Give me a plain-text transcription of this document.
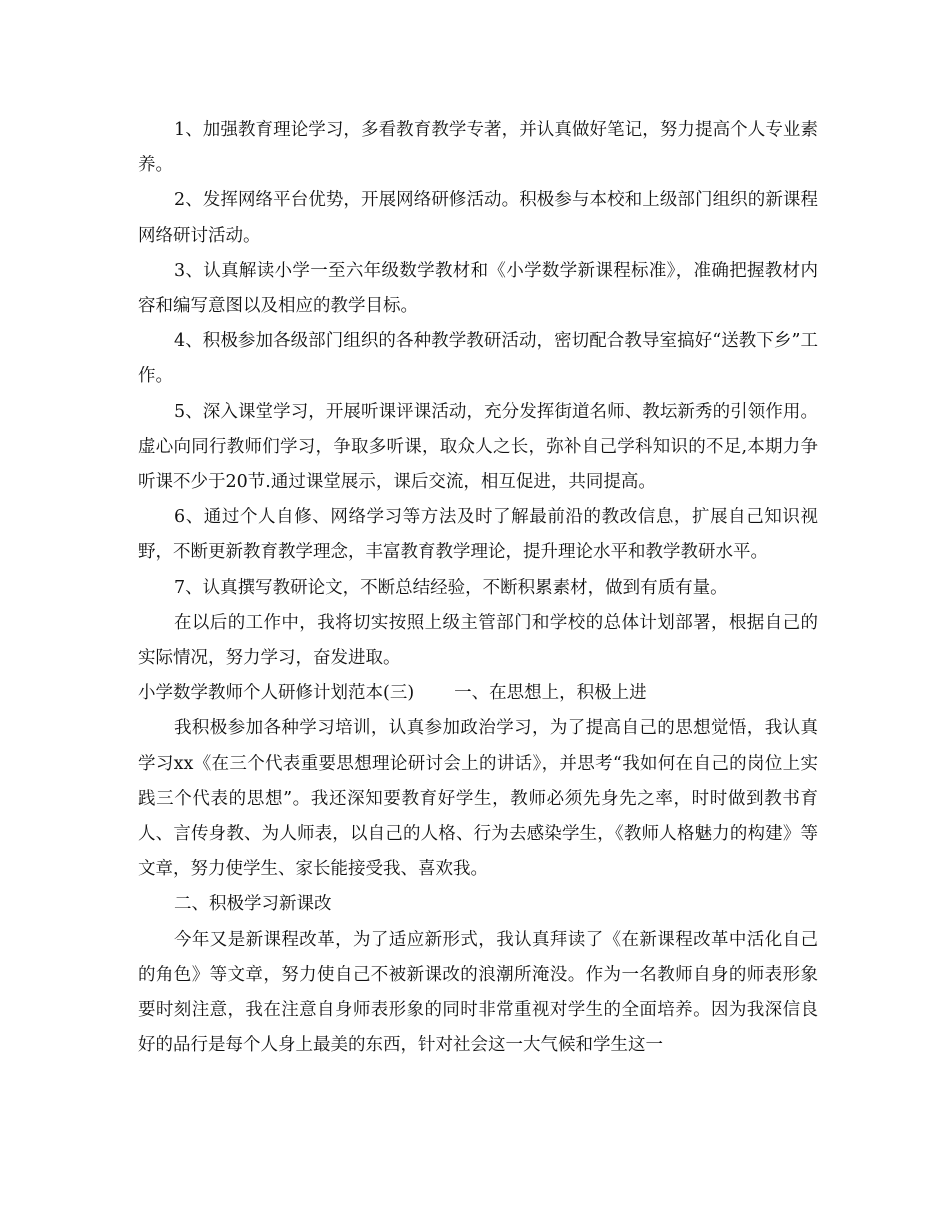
1、加强教育理论学习，多看教育教学专著，并认真做好笔记，努力提高个人专业素养。

2、发挥网络平台优势，开展网络研修活动。积极参与本校和上级部门组织的新课程网络研讨活动。

3、认真解读小学一至六年级数学教材和《小学数学新课程标准》，准确把握教材内容和编写意图以及相应的教学目标。

4、积极参加各级部门组织的各种教学教研活动，密切配合教导室搞好“送教下乡”工作。

5、深入课堂学习，开展听课评课活动，充分发挥街道名师、教坛新秀的引领作用。虚心向同行教师们学习，争取多听课，取众人之长，弥补自己学科知识的不足,本期力争听课不少于20节.通过课堂展示，课后交流，相互促进，共同提高。

6、通过个人自修、网络学习等方法及时了解最前沿的教改信息，扩展自己知识视野，不断更新教育教学理念，丰富教育教学理论，提升理论水平和教学教研水平。

7、认真撰写教研论文，不断总结经验，不断积累素材，做到有质有量。

在以后的工作中，我将切实按照上级主管部门和学校的总体计划部署，根据自己的实际情况，努力学习，奋发进取。

小学数学教师个人研修计划范本(三) 一、在思想上，积极上进

我积极参加各种学习培训，认真参加政治学习，为了提高自己的思想觉悟，我认真学习xx《在三个代表重要思想理论研讨会上的讲话》，并思考“我如何在自己的岗位上实践三个代表的思想”。我还深知要教育好学生，教师必须先身先之率，时时做到教书育人、言传身教、为人师表，以自己的人格、行为去感染学生，《教师人格魅力的构建》等文章，努力使学生、家长能接受我、喜欢我。

二、积极学习新课改

今年又是新课程改革，为了适应新形式，我认真拜读了《在新课程改革中活化自己的角色》等文章，努力使自己不被新课改的浪潮所淹没。作为一名教师自身的师表形象要时刻注意，我在注意自身师表形象的同时非常重视对学生的全面培养。因为我深信良好的品行是每个人身上最美的东西，针对社会这一大气候和学生这一
